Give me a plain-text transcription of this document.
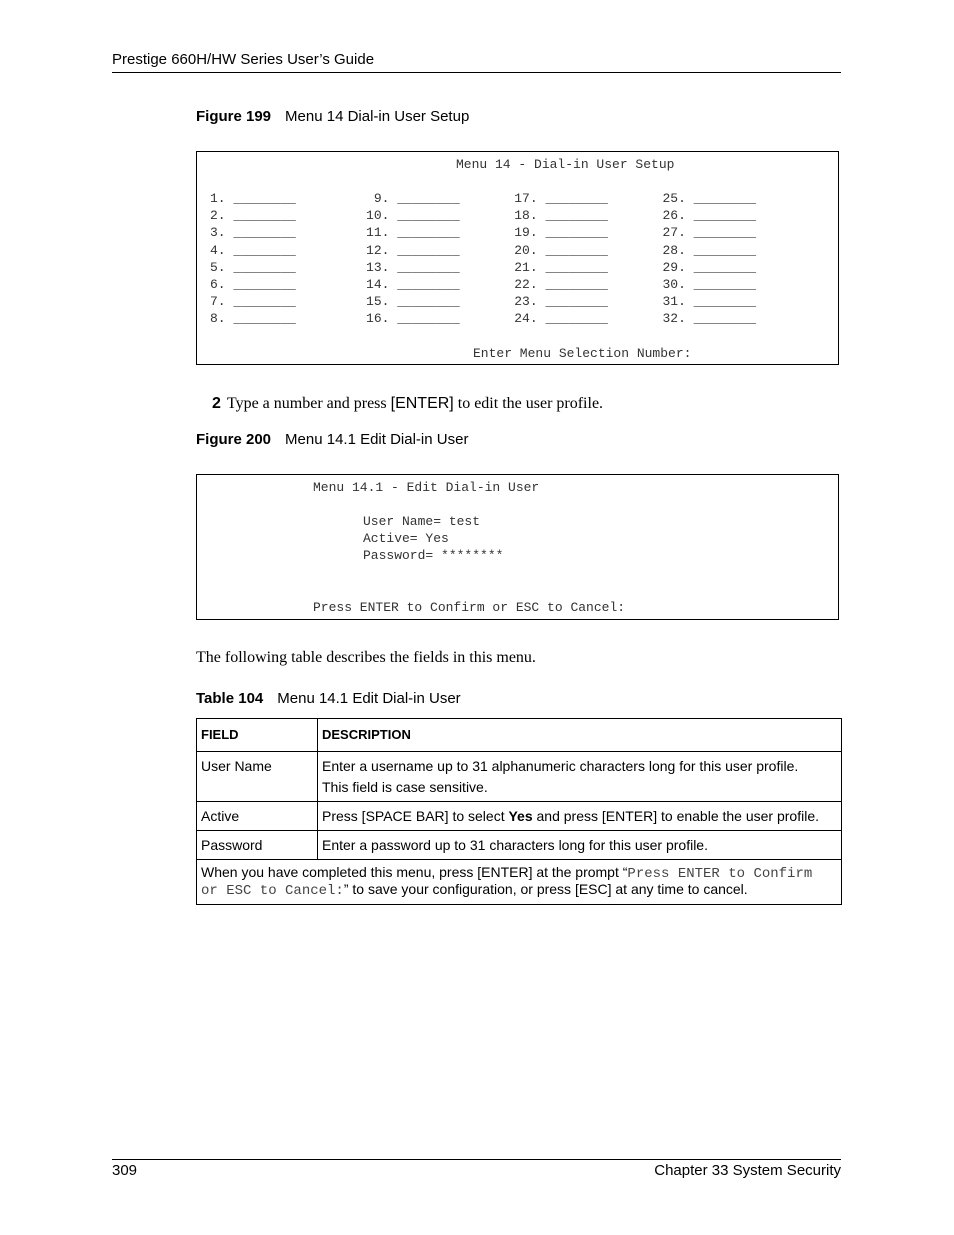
Prestige 660H/HW Series User’s Guide
Figure 199 Menu 14 Dial-in User Setup
Menu 14 - Dial-in User Setup
1. ________          9. ________       17. ________       25. ________
2. ________         10. ________       18. ________       26. ________
3. ________         11. ________       19. ________       27. ________
4. ________         12. ________       20. ________       28. ________
5. ________         13. ________       21. ________       29. ________
6. ________         14. ________       22. ________       30. ________
7. ________         15. ________       23. ________       31. ________
8. ________         16. ________       24. ________       32. ________
Enter Menu Selection Number:
2 Type a number and press [ENTER] to edit the user profile.
Figure 200 Menu 14.1 Edit Dial-in User
Menu 14.1 - Edit Dial-in User
User Name= test
Active= Yes
Password= ********
Press ENTER to Confirm or ESC to Cancel:
The following table describes the fields in this menu.
Table 104 Menu 14.1 Edit Dial-in User
FIELD	DESCRIPTION
User Name	Enter a username up to 31 alphanumeric characters long for this user profile.
This field is case sensitive.

Active	Press [SPACE BAR] to select Yes and press [ENTER] to enable the user profile.
Password	Enter a password up to 31 characters long for this user profile.
When you have completed this menu, press [ENTER] at the prompt “Press ENTER to Confirm or ESC to Cancel:” to save your configuration, or press [ESC] at any time to cancel.	
309	Chapter 33 System Security
